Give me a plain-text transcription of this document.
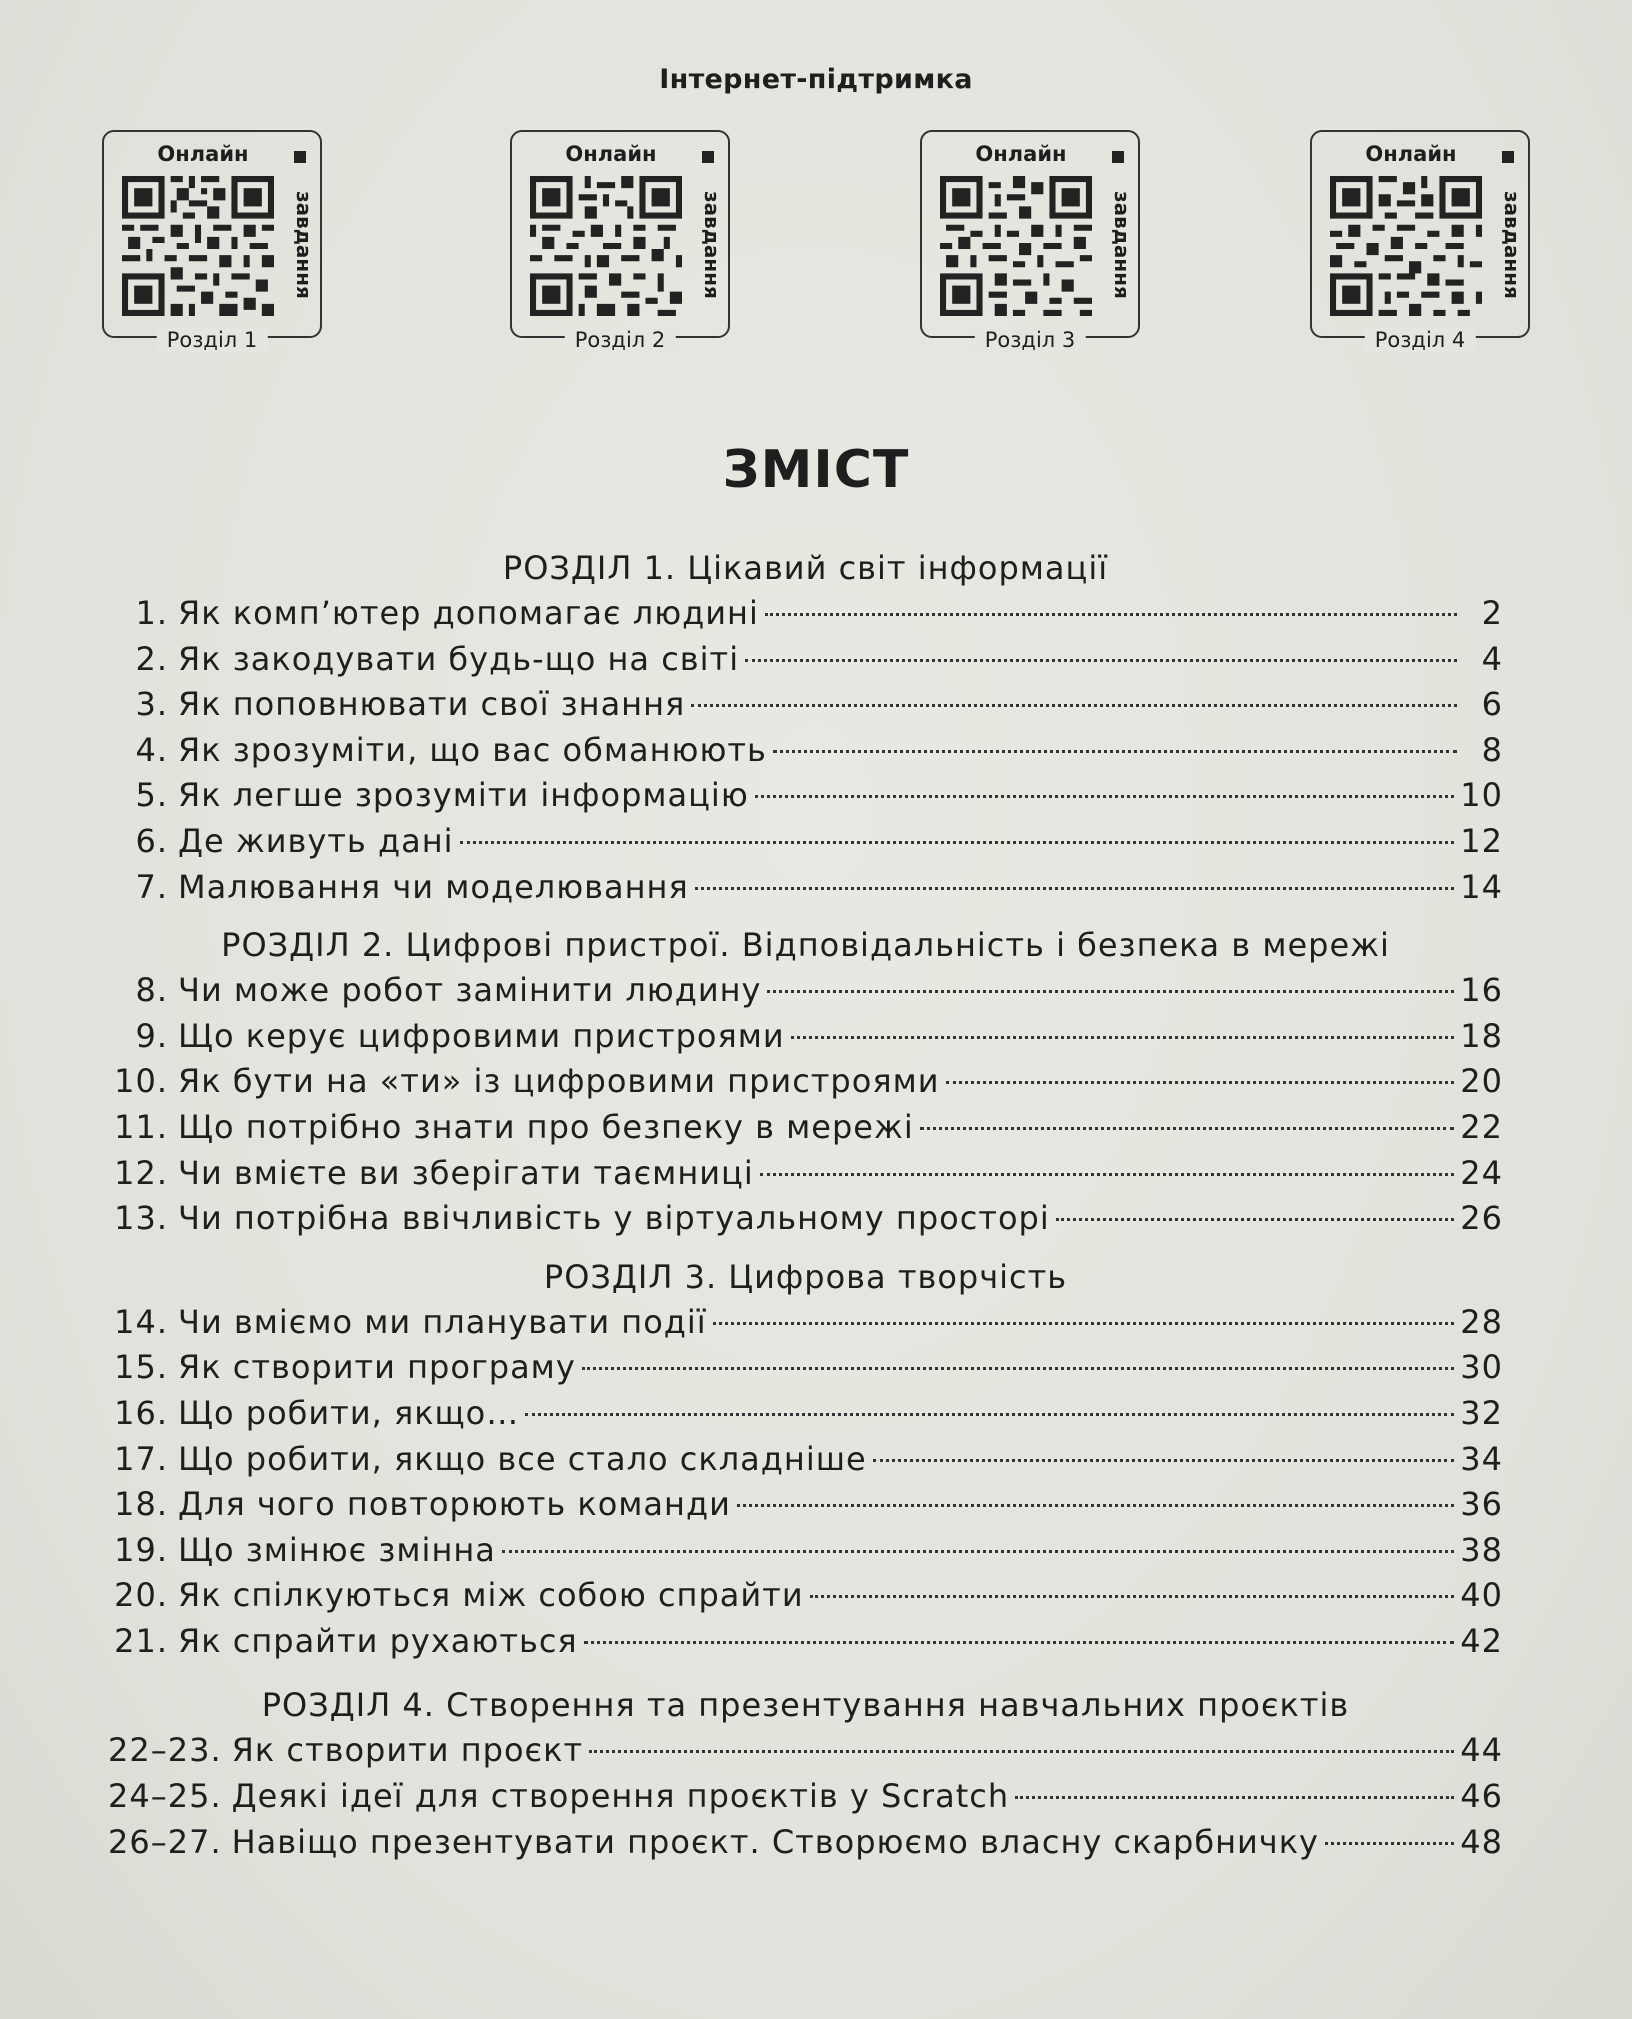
Інтернет-підтримка
Онлайн
завдання
Розділ 1
Онлайн
завдання
Розділ 2
Онлайн
завдання
Розділ 3
Онлайн
завдання
Розділ 4
ЗМІСТ
РОЗДІЛ 1. Цікавий світ інформації
1. Як комп’ютер допомагає людині	2
2. Як закодувати будь-що на світі	4
3. Як поповнювати свої знання	6
4. Як зрозуміти, що вас обманюють	8
5. Як легше зрозуміти інформацію	10
6. Де живуть дані	12
7. Малювання чи моделювання	14
РОЗДІЛ 2. Цифрові пристрої. Відповідальність і безпека в мережі
8. Чи може робот замінити людину	16
9. Що керує цифровими пристроями	18
10. Як бути на «ти» із цифровими пристроями	20
11. Що потрібно знати про безпеку в мережі	22
12. Чи вмієте ви зберігати таємниці	24
13. Чи потрібна ввічливість у віртуальному просторі	26
РОЗДІЛ 3. Цифрова творчість
14. Чи вміємо ми планувати події	28
15. Як створити програму	30
16. Що робити, якщо…	32
17. Що робити, якщо все стало складніше	34
18. Для чого повторюють команди	36
19. Що змінює змінна	38
20. Як спілкуються між собою спрайти	40
21. Як спрайти рухаються	42
РОЗДІЛ 4. Створення та презентування навчальних проєктів
22–23. Як створити проєкт	44
24–25. Деякі ідеї для створення проєктів у Scratch	46
26–27. Навіщо презентувати проєкт. Створюємо власну скарбничку	48
